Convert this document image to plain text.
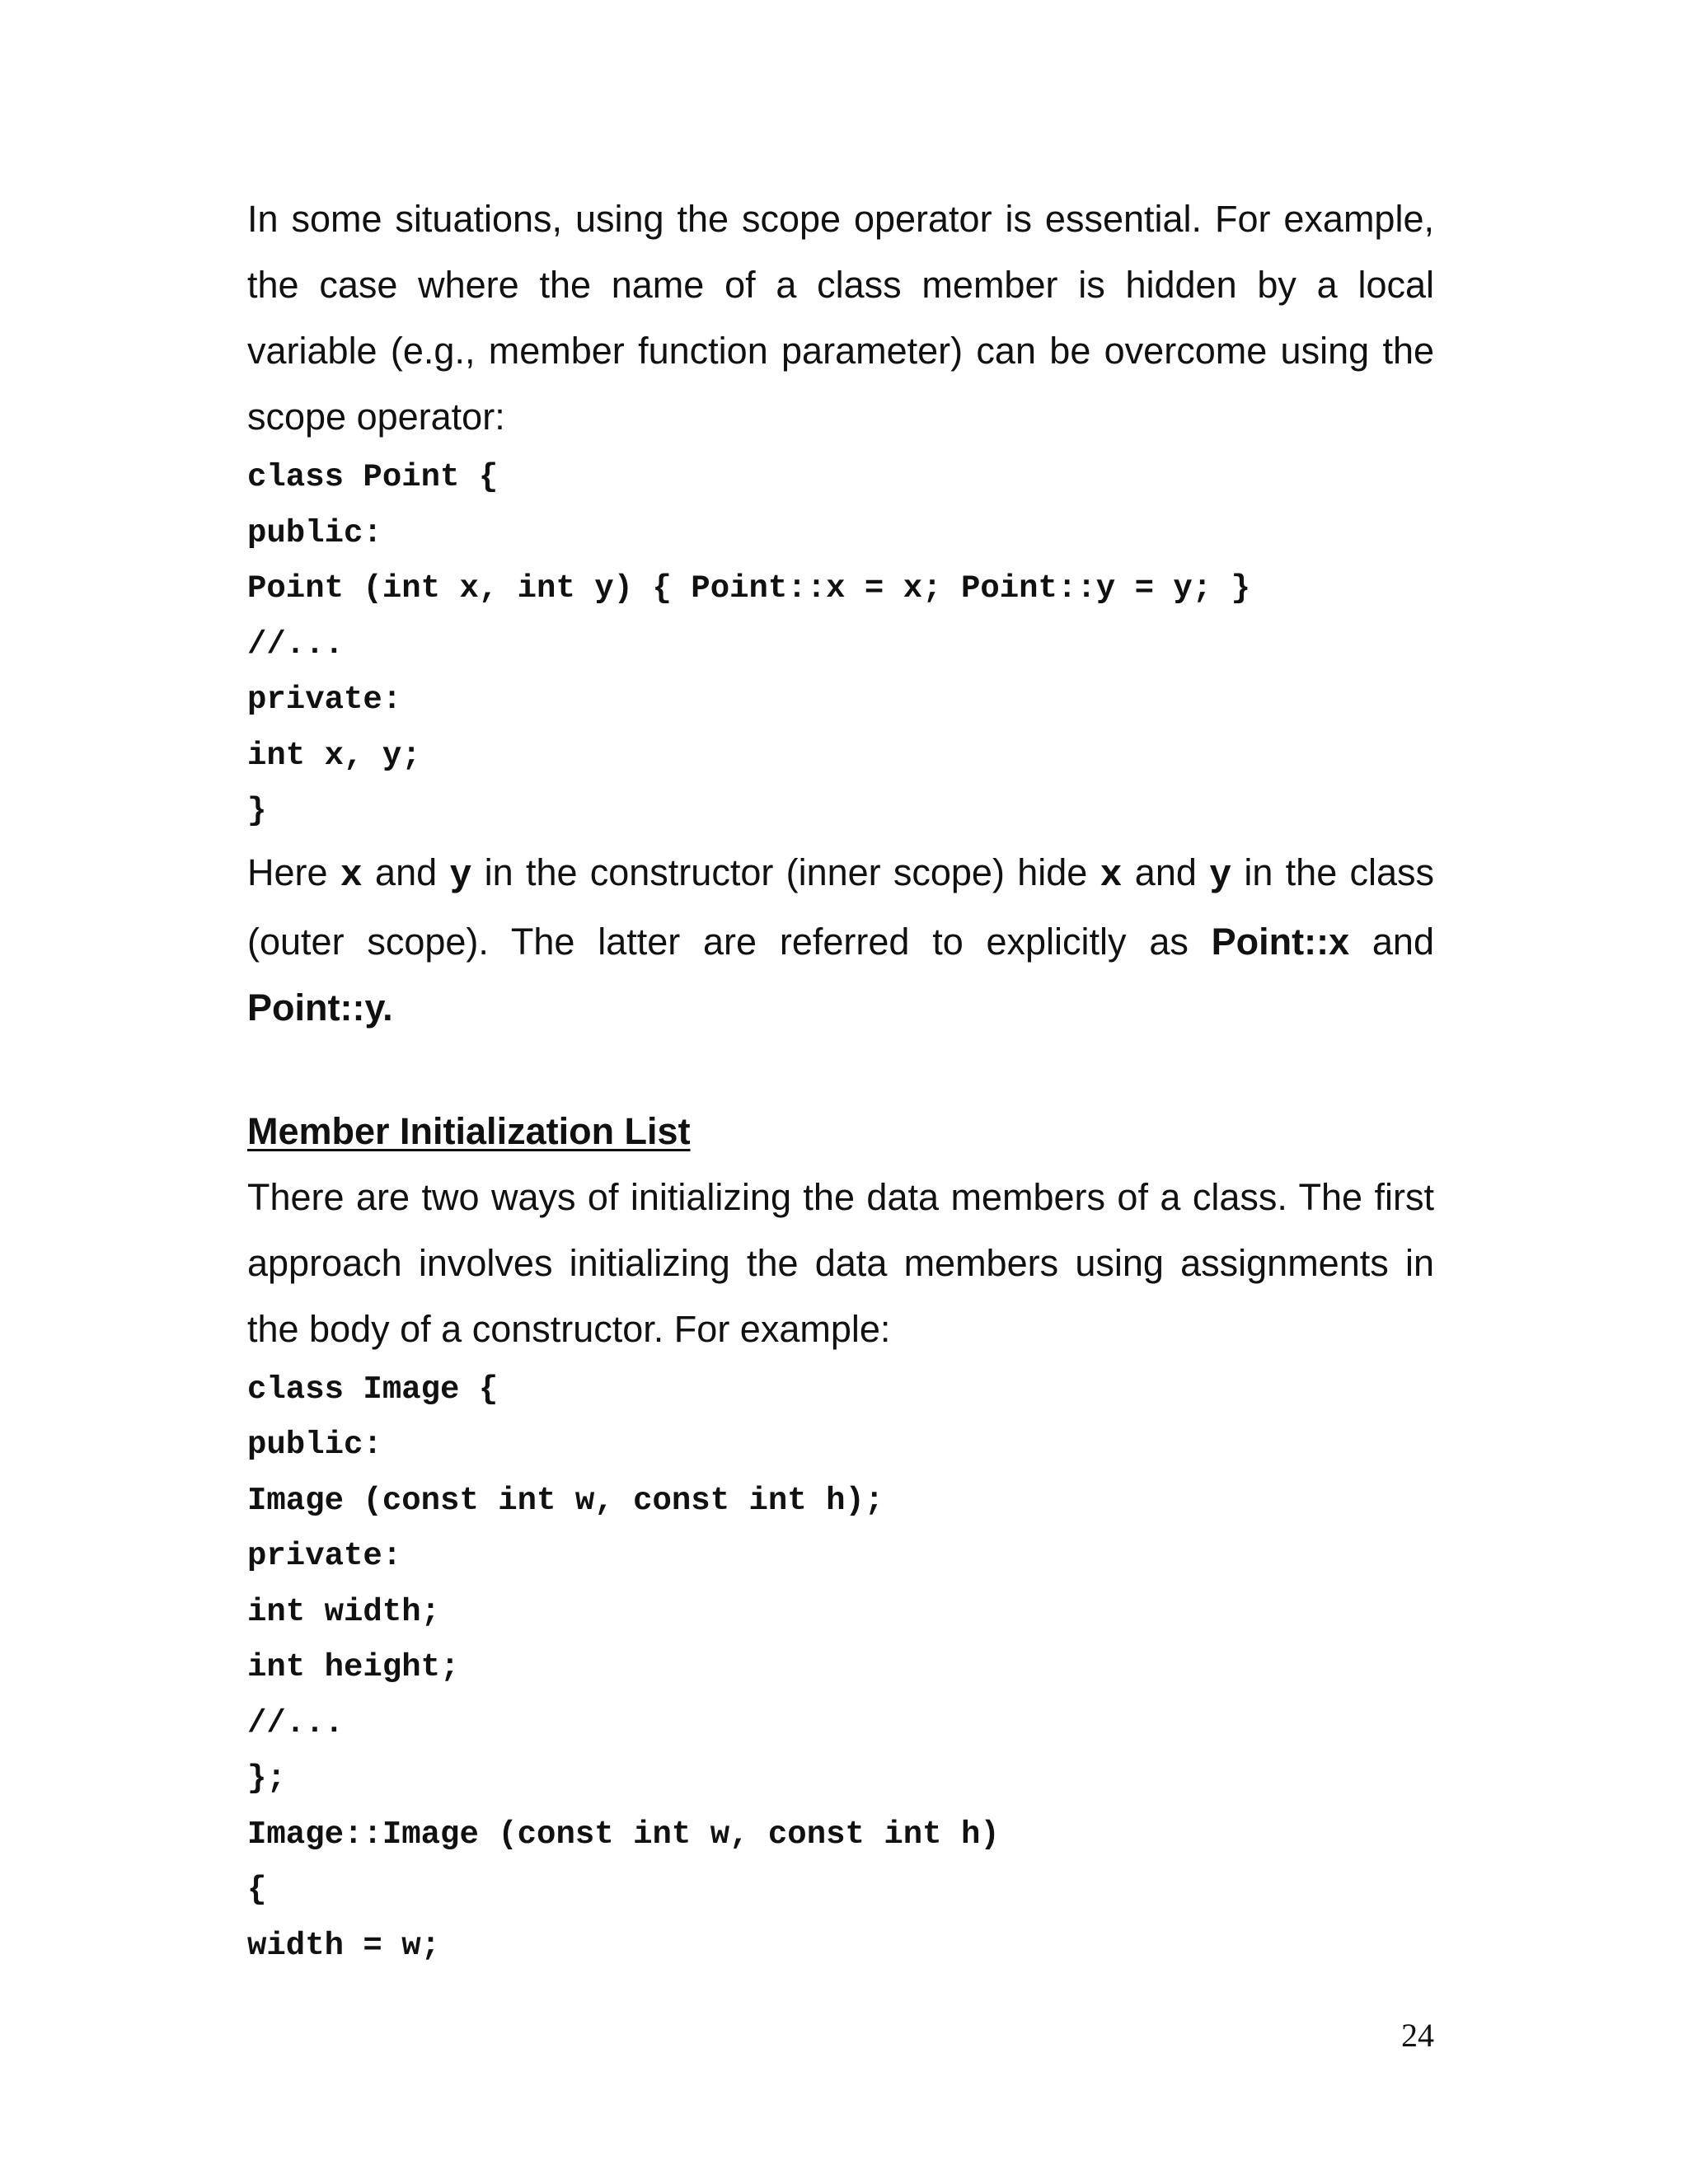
In some situations, using the scope operator is essential. For example, the case where the name of a class member is hidden by a local variable (e.g., member function parameter) can be overcome using the scope operator:

class Point {
public:
Point (int x, int y) { Point::x = x; Point::y = y; }
//...
private:
int x, y;
}

Here x and y in the constructor (inner scope) hide x and y in the class (outer scope). The latter are referred to explicitly as Point::x and Point::y.

Member Initialization List

There are two ways of initializing the data members of a class. The first approach involves initializing the data members using assignments in the body of a constructor. For example:

class Image {
public:
Image (const int w, const int h);
private:
int width;
int height;
//...
};
Image::Image (const int w, const int h)
{
width = w;
24
